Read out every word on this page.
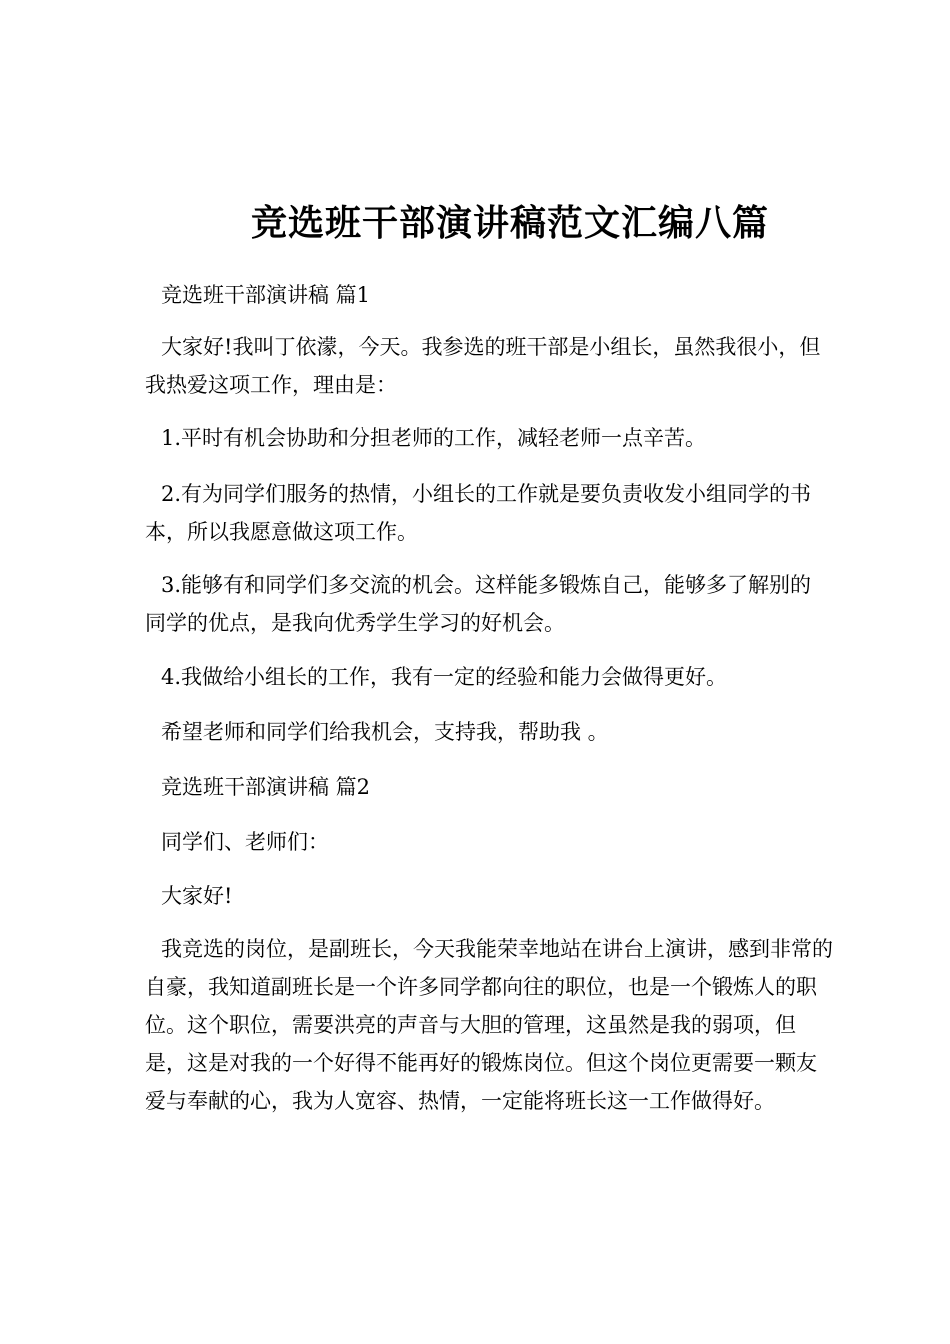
竞选班干部演讲稿范文汇编八篇

竞选班干部演讲稿 篇1

大家好!我叫丁依濛，今天。我参选的班干部是小组长，虽然我很小，但我热爱这项工作，理由是：

1.平时有机会协助和分担老师的工作，减轻老师一点辛苦。

2.有为同学们服务的热情，小组长的工作就是要负责收发小组同学的书本，所以我愿意做这项工作。

3.能够有和同学们多交流的机会。这样能多锻炼自己，能够多了解别的同学的优点，是我向优秀学生学习的好机会。

4.我做给小组长的工作，我有一定的经验和能力会做得更好。

希望老师和同学们给我机会，支持我，帮助我 。

竞选班干部演讲稿 篇2

同学们、老师们：

大家好!

我竞选的岗位，是副班长，今天我能荣幸地站在讲台上演讲，感到非常的自豪，我知道副班长是一个许多同学都向往的职位，也是一个锻炼人的职位。这个职位，需要洪亮的声音与大胆的管理，这虽然是我的弱项，但是，这是对我的一个好得不能再好的锻炼岗位。但这个岗位更需要一颗友爱与奉献的心，我为人宽容、热情，一定能将班长这一工作做得好。
